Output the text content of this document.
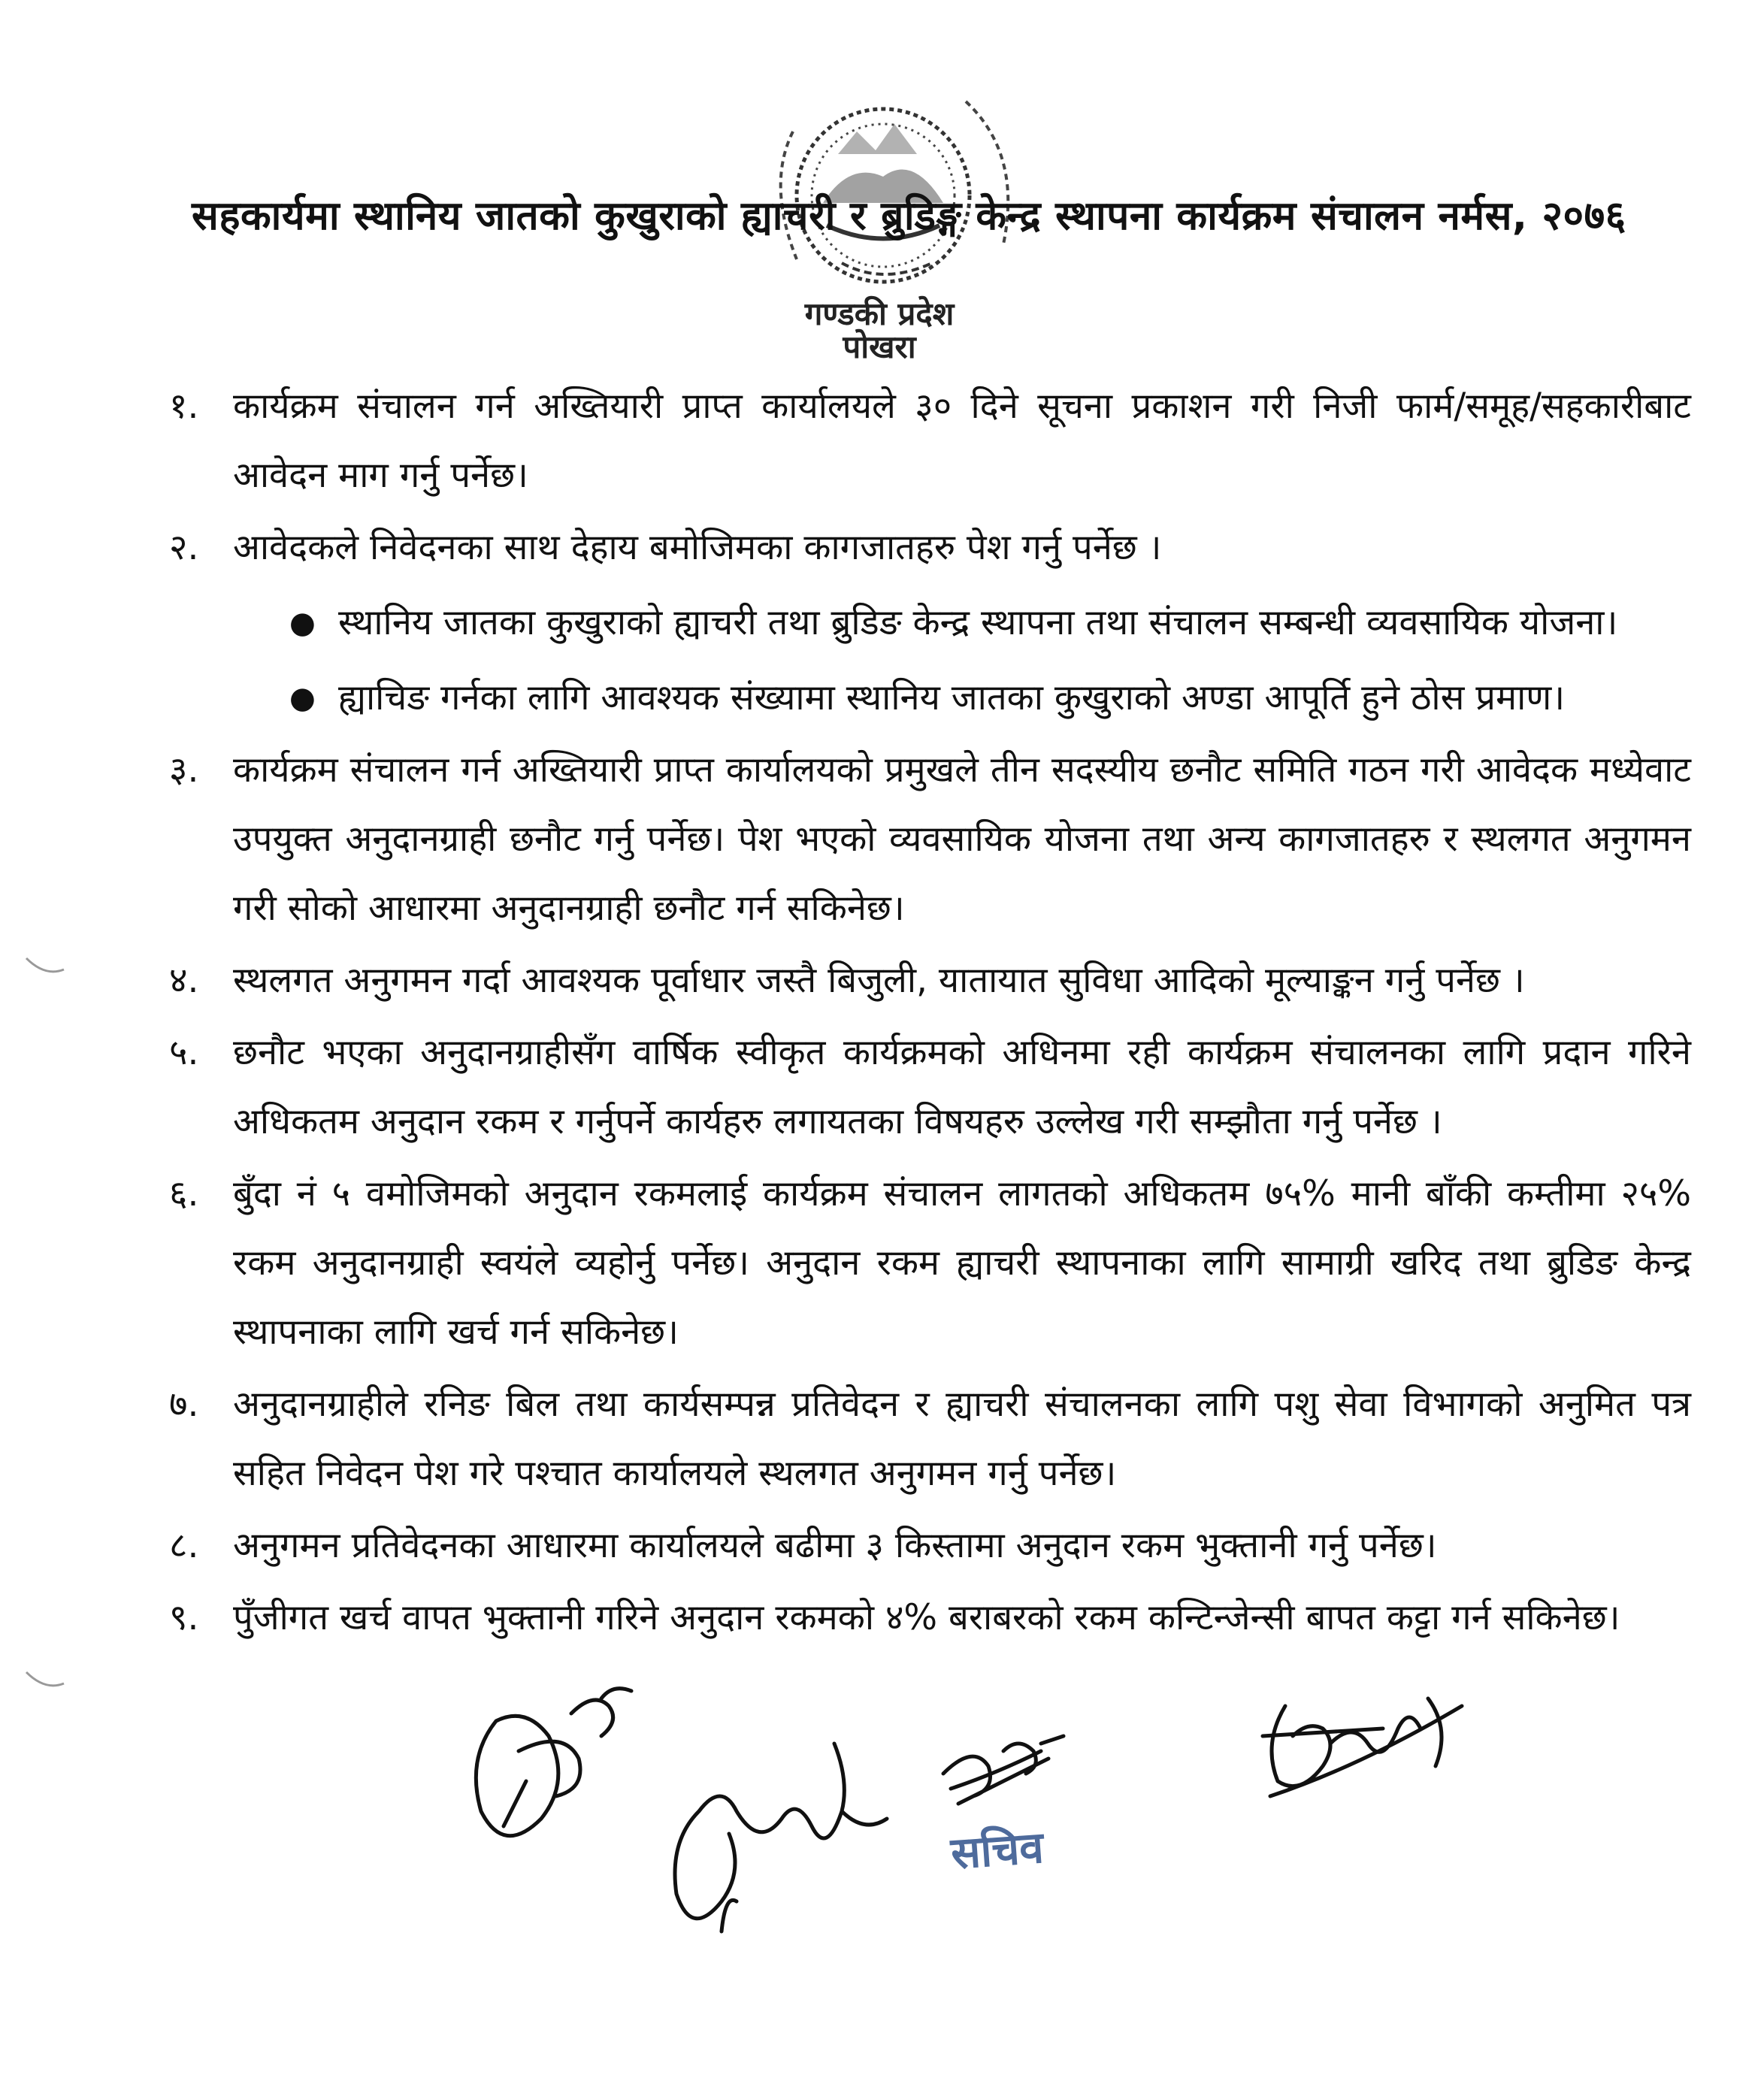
गण्डकी प्रदेश
पोखरा
सहकार्यमा स्थानिय जातको कुखुराको ह्याचरी र ब्रुडिङ्ग केन्द्र स्थापना कार्यक्रम संचालन नर्मस, २०७६
१. कार्यक्रम संचालन गर्न अख्तियारी प्राप्त कार्यालयले ३० दिने सूचना प्रकाशन गरी निजी फार्म/समूह/सहकारीबाट आवेदन माग गर्नु पर्नेछ।
२. आवेदकले निवेदनका साथ देहाय बमोजिमका कागजातहरु पेश गर्नु पर्नेछ ।
● स्थानिय जातका कुखुराको ह्याचरी तथा ब्रुडिङ केन्द्र स्थापना तथा संचालन सम्बन्धी व्यवसायिक योजना।
● ह्याचिङ गर्नका लागि आवश्यक संख्यामा स्थानिय जातका कुखुराको अण्डा आपूर्ति हुने ठोस प्रमाण।
३. कार्यक्रम संचालन गर्न अख्तियारी प्राप्त कार्यालयको प्रमुखले तीन सदस्यीय छनौट समिति गठन गरी आवेदक मध्येवाट उपयुक्त अनुदानग्राही छनौट गर्नु पर्नेछ। पेश भएको व्यवसायिक योजना तथा अन्य कागजातहरु र स्थलगत अनुगमन गरी सोको आधारमा अनुदानग्राही छनौट गर्न सकिनेछ।
४. स्थलगत अनुगमन गर्दा आवश्यक पूर्वाधार जस्तै बिजुली, यातायात सुविधा आदिको मूल्याङ्कन गर्नु पर्नेछ ।
५. छनौट भएका अनुदानग्राहीसँग वार्षिक स्वीकृत कार्यक्रमको अधिनमा रही कार्यक्रम संचालनका लागि प्रदान गरिने अधिकतम अनुदान रकम र गर्नुपर्ने कार्यहरु लगायतका विषयहरु उल्लेख गरी सम्झौता गर्नु पर्नेछ ।
६. बुँदा नं ५ वमोजिमको अनुदान रकमलाई कार्यक्रम संचालन लागतको अधिकतम ७५% मानी बाँकी कम्तीमा २५% रकम अनुदानग्राही स्वयंले व्यहोर्नु पर्नेछ। अनुदान रकम ह्याचरी स्थापनाका लागि सामाग्री खरिद तथा ब्रुडिङ केन्द्र स्थापनाका लागि खर्च गर्न सकिनेछ।
७. अनुदानग्राहीले रनिङ बिल तथा कार्यसम्पन्न प्रतिवेदन र ह्याचरी संचालनका लागि पशु सेवा विभागको अनुमित पत्र सहित निवेदन पेश गरे पश्चात कार्यालयले स्थलगत अनुगमन गर्नु पर्नेछ।
८. अनुगमन प्रतिवेदनका आधारमा कार्यालयले बढीमा ३ किस्तामा अनुदान रकम भुक्तानी गर्नु पर्नेछ।
९. पुँजीगत खर्च वापत भुक्तानी गरिने अनुदान रकमको ४% बराबरको रकम कन्टिन्जेन्सी बापत कट्टा गर्न सकिनेछ।
सचिव
